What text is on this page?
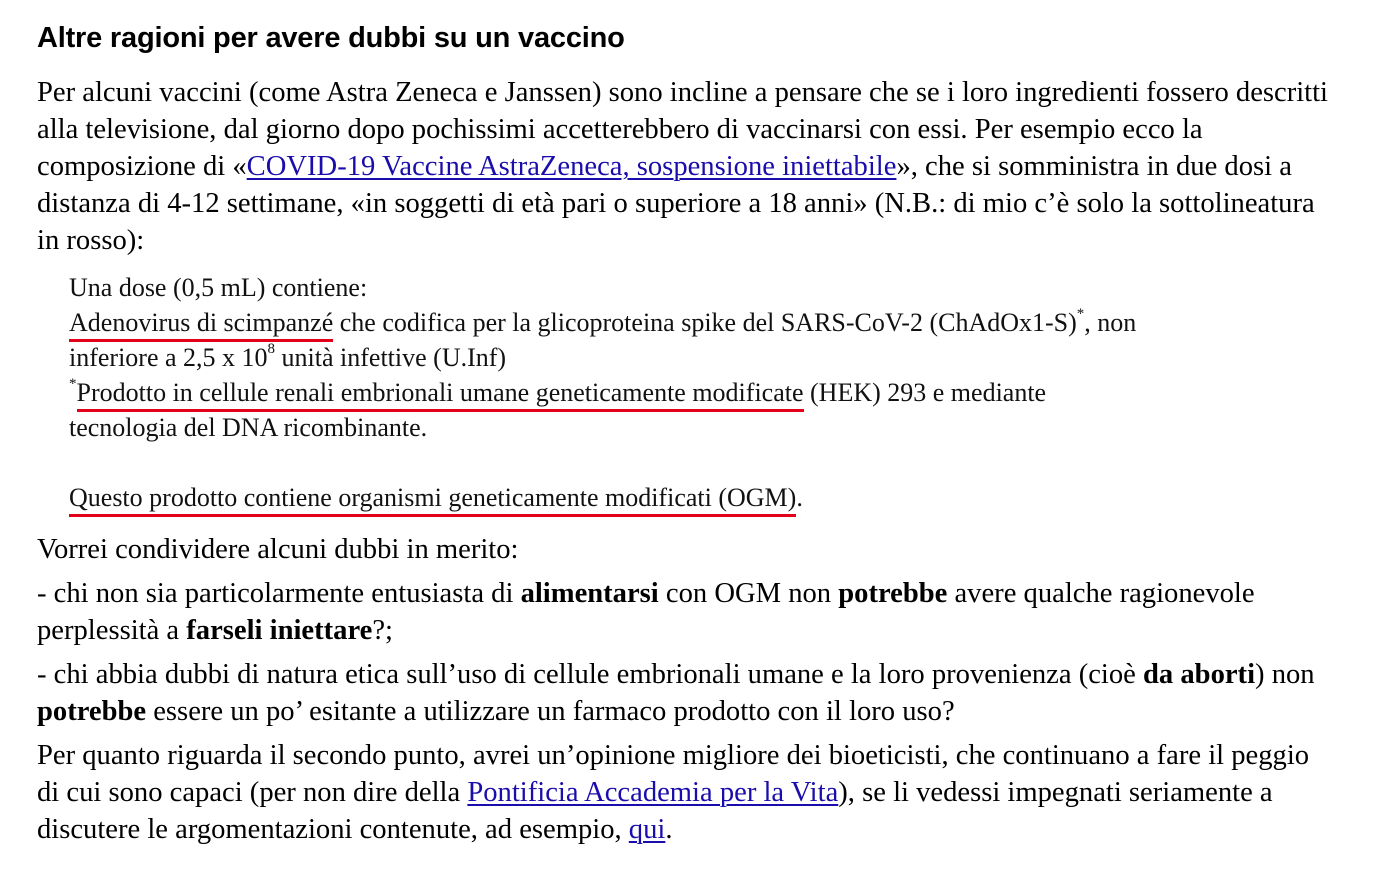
Altre ragioni per avere dubbi su un vaccino

Per alcuni vaccini (come Astra Zeneca e Janssen) sono incline a pensare che se i loro ingredienti fossero descritti alla televisione, dal giorno dopo pochissimi accetterebbero di vaccinarsi con essi. Per esempio ecco la composizione di «COVID-19 Vaccine AstraZeneca, sospensione iniettabile», che si somministra in due dosi a distanza di 4-12 settimane, «in soggetti di età pari o superiore a 18 anni» (N.B.: di mio c’è solo la sottolineatura in rosso):

Una dose (0,5 mL) contiene:
Adenovirus di scimpanzé che codifica per la glicoproteina spike del SARS-CoV-2 (ChAdOx1-S)*, non
inferiore a 2,5 x $10^8$ unità infettive (U.Inf)
*Prodotto in cellule renali embrionali umane geneticamente modificate (HEK) 293 e mediante
tecnologia del DNA ricombinante.
Questo prodotto contiene organismi geneticamente modificati (OGM).

Vorrei condividere alcuni dubbi in merito:

- chi non sia particolarmente entusiasta di alimentarsi con OGM non potrebbe avere qualche ragionevole perplessità a farseli iniettare?;

- chi abbia dubbi di natura etica sull’uso di cellule embrionali umane e la loro provenienza (cioè da aborti) non potrebbe essere un po’ esitante a utilizzare un farmaco prodotto con il loro uso?

Per quanto riguarda il secondo punto, avrei un’opinione migliore dei bioeticisti, che continuano a fare il peggio di cui sono capaci (per non dire della Pontificia Accademia per la Vita), se li vedessi impegnati seriamente a discutere le argomentazioni contenute, ad esempio, qui.
